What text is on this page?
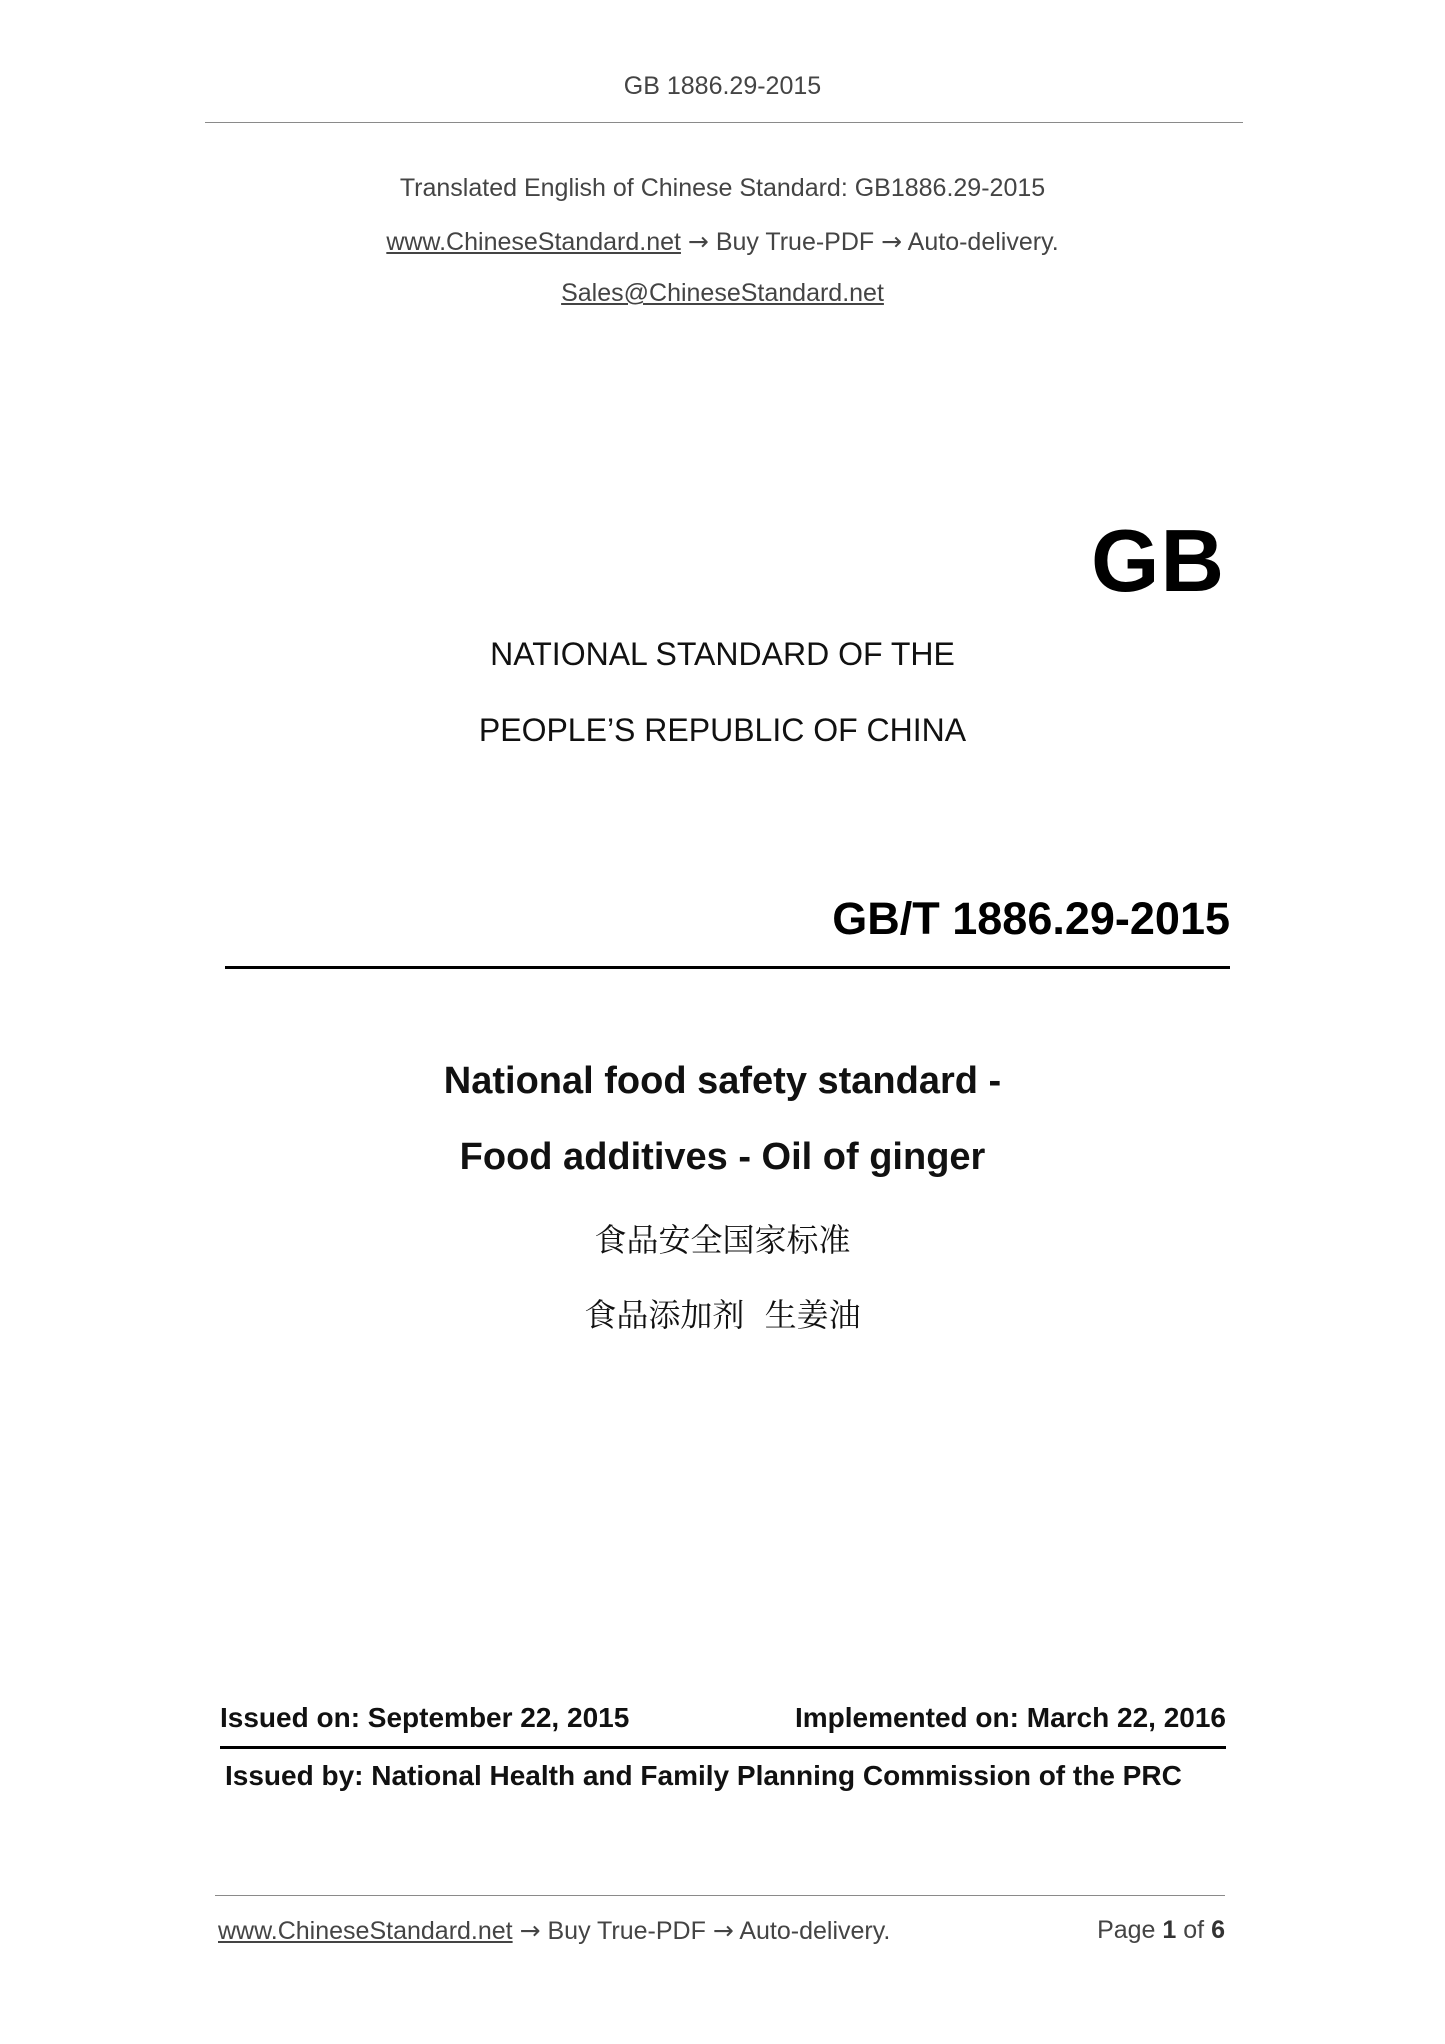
GB 1886.29-2015
Translated English of Chinese Standard: GB1886.29-2015
www.ChineseStandard.net → Buy True-PDF → Auto-delivery.
Sales@ChineseStandard.net
GB
NATIONAL STANDARD OF THE
PEOPLE’S REPUBLIC OF CHINA
GB/T 1886.29-2015
National food safety standard -
Food additives - Oil of ginger
食品安全国家标准
食品添加剂  生姜油
Issued on: September 22, 2015	Implemented on: March 22, 2016
Issued by: National Health and Family Planning Commission of the PRC
www.ChineseStandard.net → Buy True-PDF → Auto-delivery.	Page 1 of 6
